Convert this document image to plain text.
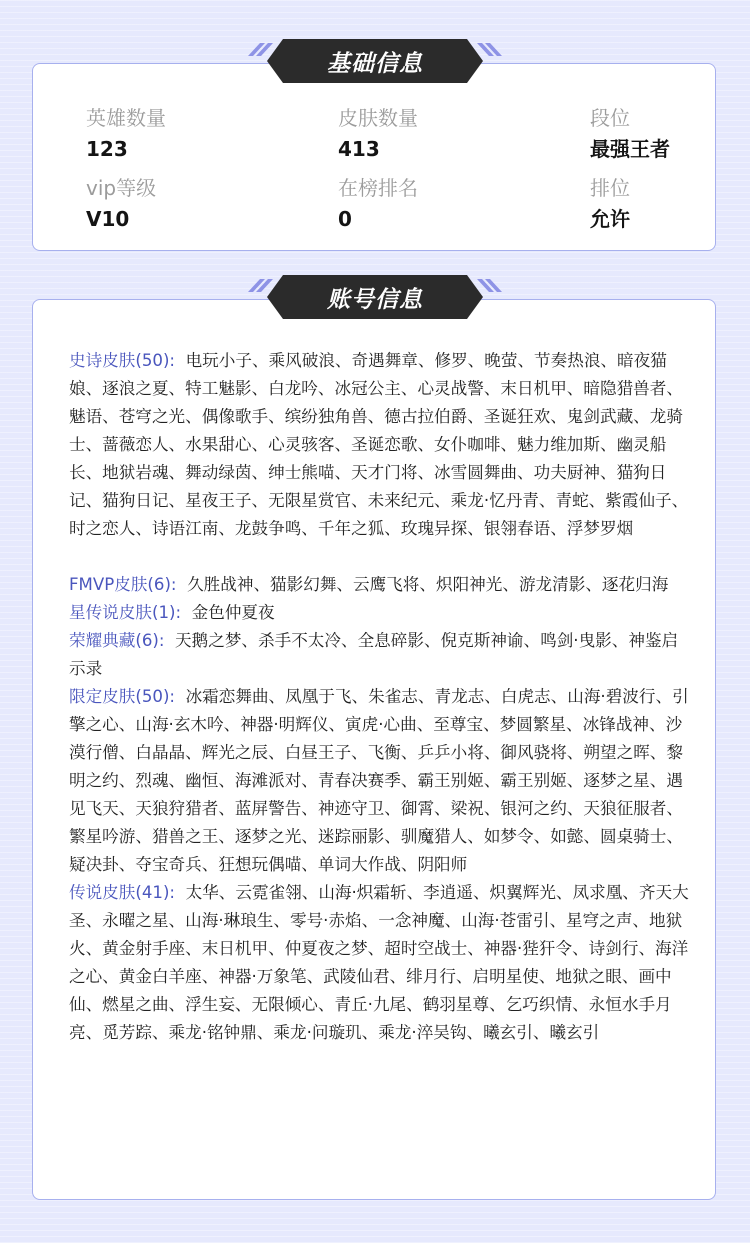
英雄数量
123
皮肤数量
413
段位
最强王者
vip等级
V10
在榜排名
0
排位
允许
基础信息

史诗皮肤(50): 电玩小子、乘风破浪、奇遇舞章、修罗、晚萤、节奏热浪、暗夜猫娘、逐浪之夏、特工魅影、白龙吟、冰冠公主、心灵战警、末日机甲、暗隐猎兽者、魅语、苍穹之光、偶像歌手、缤纷独角兽、德古拉伯爵、圣诞狂欢、鬼剑武藏、龙骑士、蔷薇恋人、水果甜心、心灵骇客、圣诞恋歌、女仆咖啡、魅力维加斯、幽灵船长、地狱岩魂、舞动绿茵、绅士熊喵、天才门将、冰雪圆舞曲、功夫厨神、猫狗日记、猫狗日记、星夜王子、无限星赏官、未来纪元、乘龙·忆丹青、青蛇、紫霞仙子、时之恋人、诗语江南、龙鼓争鸣、千年之狐、玫瑰异探、银翎春语、浮梦罗烟

FMVP皮肤(6): 久胜战神、猫影幻舞、云鹰飞将、炽阳神光、游龙清影、逐花归海

星传说皮肤(1): 金色仲夏夜

荣耀典藏(6): 天鹅之梦、杀手不太冷、全息碎影、倪克斯神谕、鸣剑·曳影、神鉴启示录

限定皮肤(50): 冰霜恋舞曲、凤凰于飞、朱雀志、青龙志、白虎志、山海·碧波行、引擎之心、山海·玄木吟、神器·明辉仪、寅虎·心曲、至尊宝、梦圆繁星、冰锋战神、沙漠行僧、白晶晶、辉光之辰、白昼王子、飞衡、乒乒小将、御风骁将、朔望之晖、黎明之约、烈魂、幽恒、海滩派对、青春决赛季、霸王别姬、霸王别姬、逐梦之星、遇见飞天、天狼狩猎者、蓝屏警告、神迹守卫、御霄、梁祝、银河之约、天狼征服者、繁星吟游、猎兽之王、逐梦之光、迷踪丽影、驯魔猎人、如梦令、如懿、圆桌骑士、疑决卦、夺宝奇兵、狂想玩偶喵、单词大作战、阴阳师

传说皮肤(41): 太华、云霓雀翎、山海·炽霜斩、李逍遥、炽翼辉光、凤求凰、齐天大圣、永曜之星、山海·琳琅生、零号·赤焰、一念神魔、山海·苍雷引、星穹之声、地狱火、黄金射手座、末日机甲、仲夏夜之梦、超时空战士、神器·狴犴令、诗剑行、海洋之心、黄金白羊座、神器·万象笔、武陵仙君、绯月行、启明星使、地狱之眼、画中仙、燃星之曲、浮生妄、无限倾心、青丘·九尾、鹤羽星尊、乞巧织情、永恒水手月亮、觅芳踪、乘龙·铭钟鼎、乘龙·问璇玑、乘龙·淬吴钩、曦玄引、曦玄引

账号信息
